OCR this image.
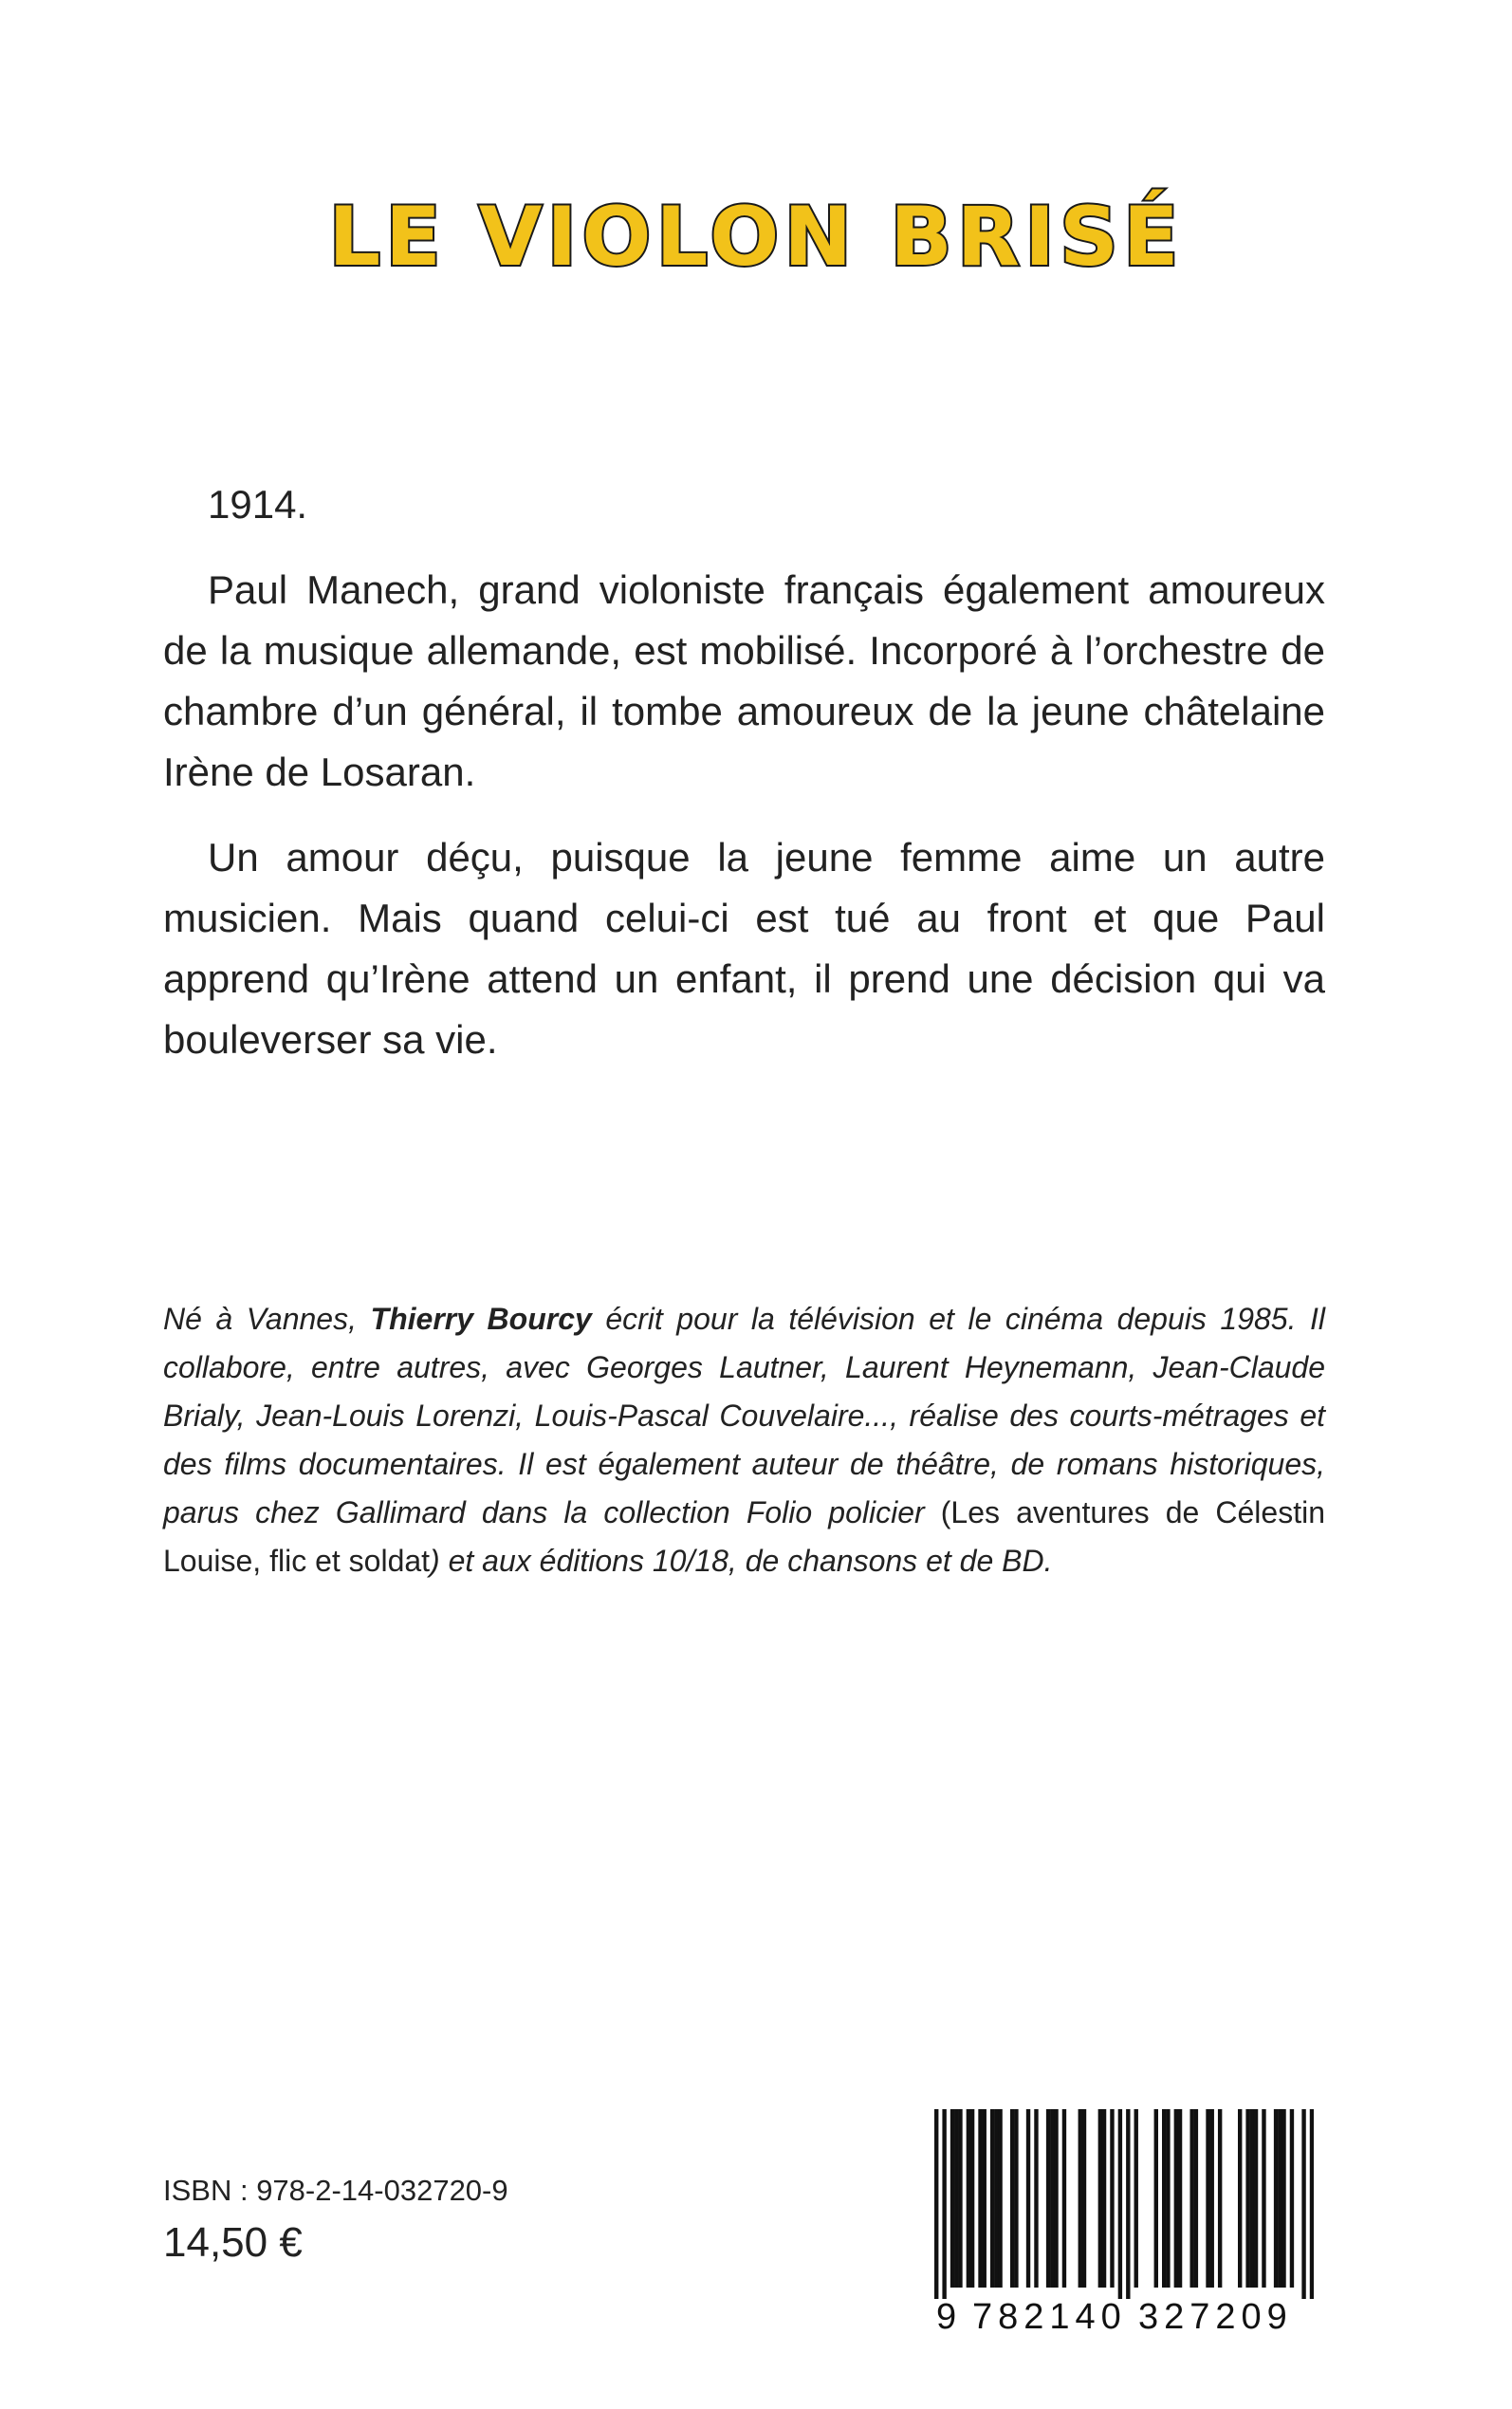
LE VIOLON BRISÉ

1914.

Paul Manech, grand violoniste français également amoureux de la musique allemande, est mobilisé. Incorporé à l’orchestre de chambre d’un général, il tombe amoureux de la jeune châtelaine Irène de Losaran.

Un amour déçu, puisque la jeune femme aime un autre musicien. Mais quand celui-ci est tué au front et que Paul apprend qu’Irène attend un enfant, il prend une décision qui va bouleverser sa vie.

Né à Vannes, Thierry Bourcy écrit pour la télévision et le cinéma depuis 1985. Il collabore, entre autres, avec Georges Lautner, Laurent Heynemann, Jean-Claude Brialy, Jean-Louis Lorenzi, Louis-Pascal Couvelaire..., réalise des courts-métrages et des films documentaires. Il est également auteur de théâtre, de romans historiques, parus chez Gallimard dans la collection Folio policier (Les aventures de Célestin Louise, flic et soldat) et aux éditions 10/18, de chansons et de BD.
ISBN : 978-2-14-032720-9
14,50 €
9 782140 327209
